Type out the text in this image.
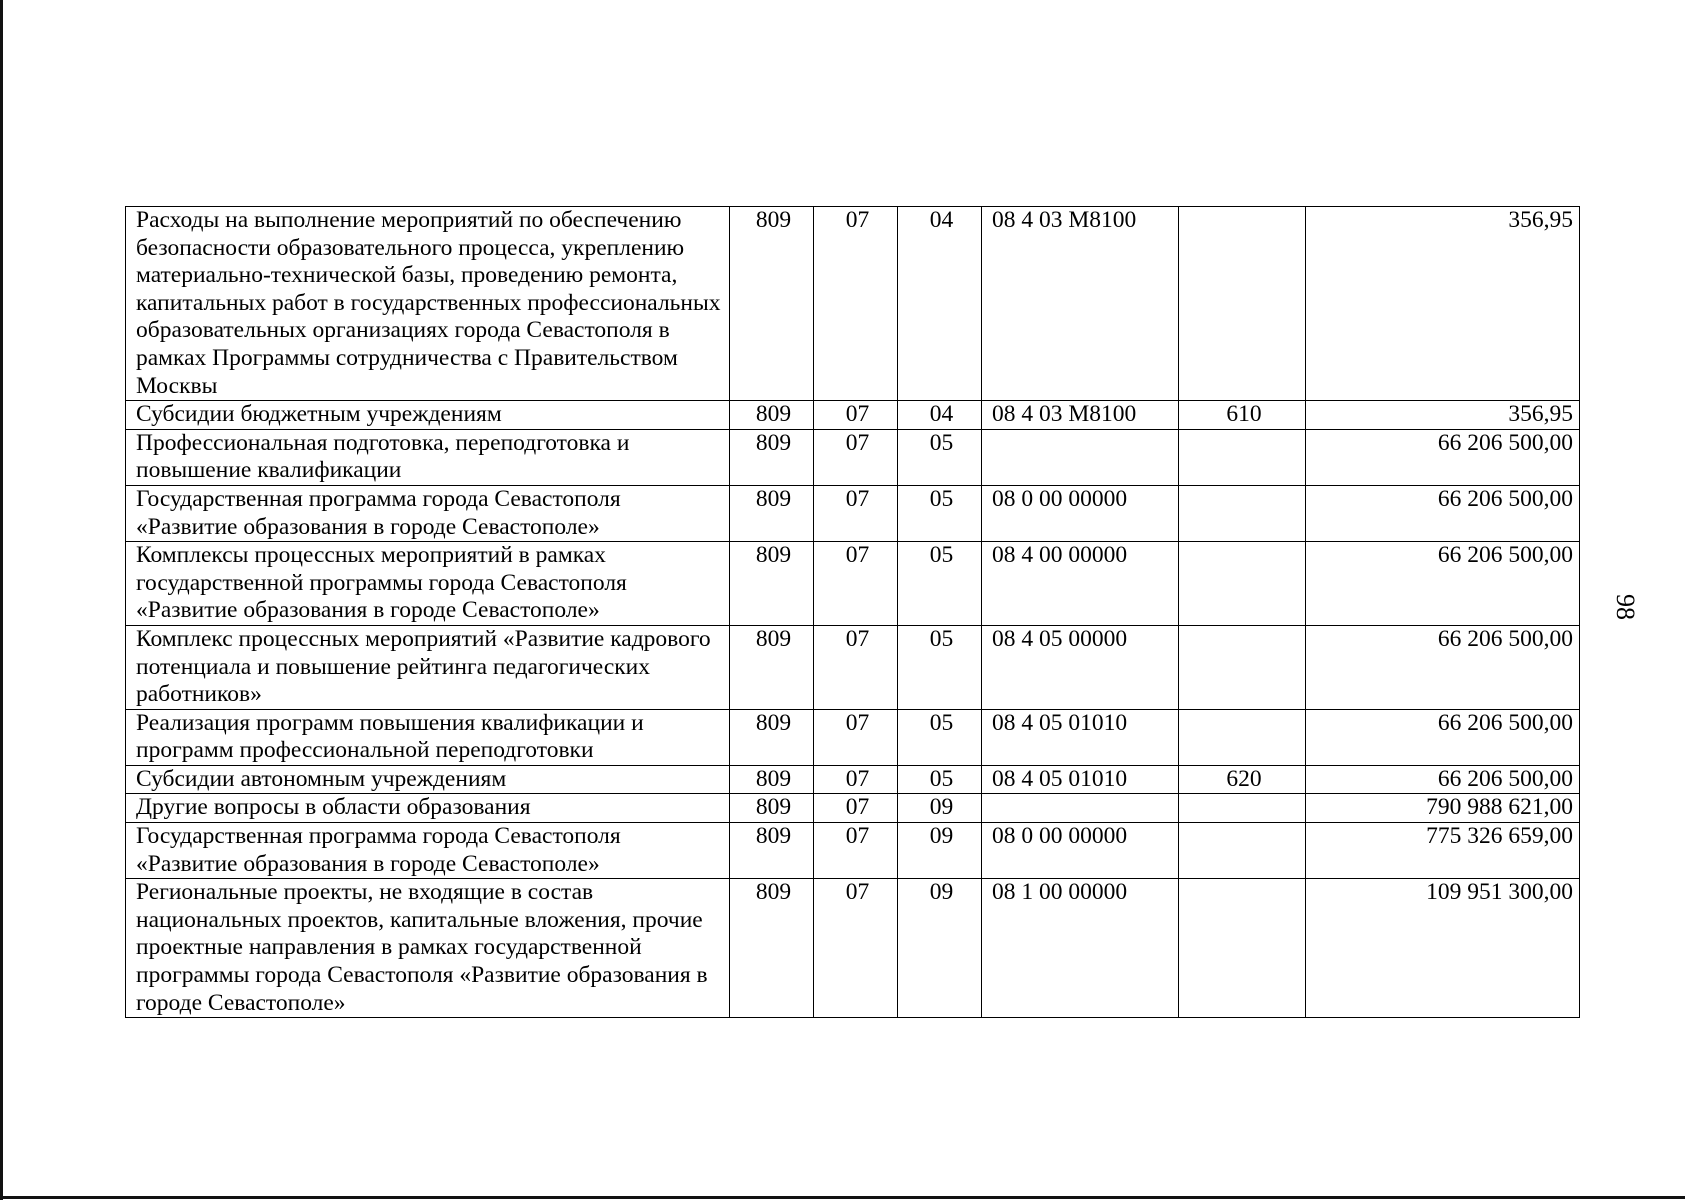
98
Расходы на выполнение мероприятий по обеспечению безопасности образовательного процесса, укреплению материально-технической базы, проведению ремонта, капитальных работ в государственных профессиональных образовательных организациях города Севастополя в рамках Программы сотрудничества с Правительством Москвы	809	07	04	08 4 03 M8100		356,95

Субсидии бюджетным учреждениям	809	07	04	08 4 03 M8100	610	356,95

Профессиональная подготовка, переподготовка и повышение квалификации	809	07	05			66 206 500,00

Государственная программа города Севастополя «Развитие образования в городе Севастополе»	809	07	05	08 0 00 00000		66 206 500,00

Комплексы процессных мероприятий в рамках государственной программы города Севастополя «Развитие образования в городе Севастополе»	809	07	05	08 4 00 00000		66 206 500,00

Комплекс процессных мероприятий «Развитие кадрового потенциала и повышение рейтинга педагогических работников»	809	07	05	08 4 05 00000		66 206 500,00

Реализация программ повышения квалификации и программ профессиональной переподготовки	809	07	05	08 4 05 01010		66 206 500,00

Субсидии автономным учреждениям	809	07	05	08 4 05 01010	620	66 206 500,00

Другие вопросы в области образования	809	07	09			790 988 621,00

Государственная программа города Севастополя «Развитие образования в городе Севастополе»	809	07	09	08 0 00 00000		775 326 659,00

Региональные проекты, не входящие в состав национальных проектов, капитальные вложения, прочие проектные направления в рамках государственной программы города Севастополя «Развитие образования в городе Севастополе»	809	07	09	08 1 00 00000		109 951 300,00
